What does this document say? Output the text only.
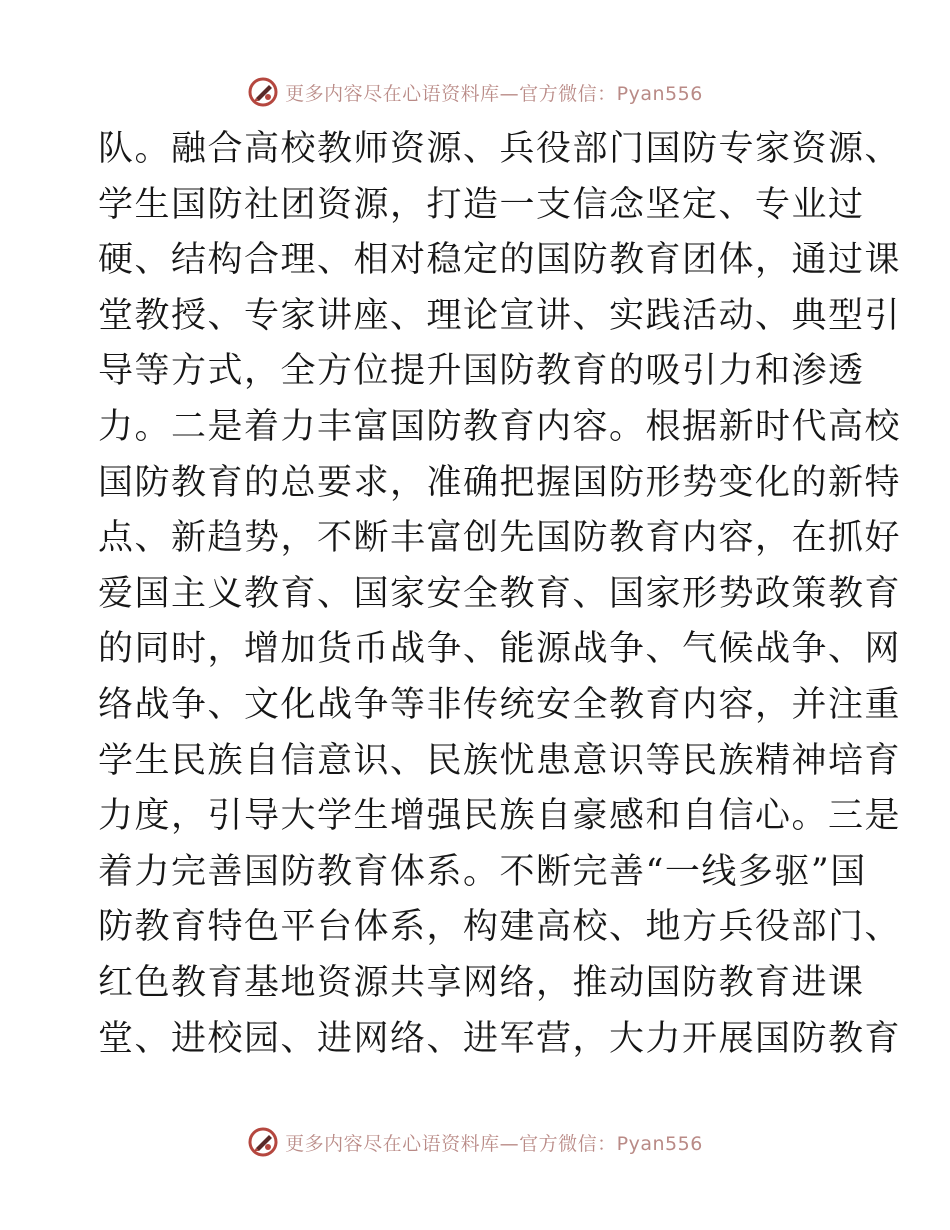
更多内容尽在心语资料库—官方微信：Pyan556
队。融合高校教师资源、兵役部门国防专家资源、
学生国防社团资源，打造一支信念坚定、专业过
硬、结构合理、相对稳定的国防教育团体，通过课
堂教授、专家讲座、理论宣讲、实践活动、典型引
导等方式，全方位提升国防教育的吸引力和渗透
力。二是着力丰富国防教育内容。根据新时代高校
国防教育的总要求，准确把握国防形势变化的新特
点、新趋势，不断丰富创先国防教育内容，在抓好
爱国主义教育、国家安全教育、国家形势政策教育
的同时，增加货币战争、能源战争、气候战争、网
络战争、文化战争等非传统安全教育内容，并注重
学生民族自信意识、民族忧患意识等民族精神培育
力度，引导大学生增强民族自豪感和自信心。三是
着力完善国防教育体系。不断完善“一线多驱”国
防教育特色平台体系，构建高校、地方兵役部门、
红色教育基地资源共享网络，推动国防教育进课
堂、进校园、进网络、进军营，大力开展国防教育
更多内容尽在心语资料库—官方微信：Pyan556
